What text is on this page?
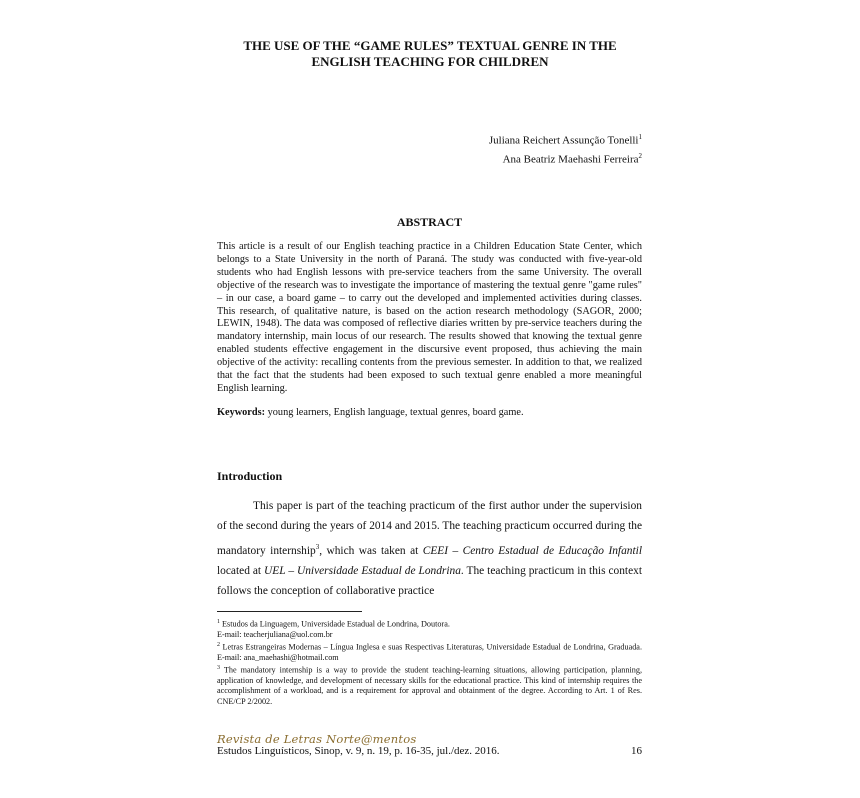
THE USE OF THE “GAME RULES” TEXTUAL GENRE IN THE
ENGLISH TEACHING FOR CHILDREN
Juliana Reichert Assunção Tonelli$^1$
Ana Beatriz Maehashi Ferreira$^2$
ABSTRACT
This article is a result of our English teaching practice in a Children Education State Center, which belongs to a State University in the north of Paraná. The study was conducted with five-year-old students who had English lessons with pre-service teachers from the same University. The overall objective of the research was to investigate the importance of mastering the textual genre "game rules" – in our case, a board game – to carry out the developed and implemented activities during classes. This research, of qualitative nature, is based on the action research methodology (SAGOR, 2000; LEWIN, 1948). The data was composed of reflective diaries written by pre-service teachers during the mandatory internship, main locus of our research. The results showed that knowing the textual genre enabled students effective engagement in the discursive event proposed, thus achieving the main objective of the activity: recalling contents from the previous semester. In addition to that, we realized that the fact that the students had been exposed to such textual genre enabled a more meaningful English learning.
Keywords: young learners, English language, textual genres, board game.
Introduction
This paper is part of the teaching practicum of the first author under the supervision of the second during the years of 2014 and 2015. The teaching practicum occurred during the mandatory internship$^3$, which was taken at CEEI – Centro Estadual de Educação Infantil located at UEL – Universidade Estadual de Londrina. The teaching practicum in this context follows the conception of collaborative practice

$^1$ Estudos da Linguagem, Universidade Estadual de Londrina, Doutora.

E-mail: teacherjuliana@uol.com.br

$^2$ Letras Estrangeiras Modernas – Língua Inglesa e suas Respectivas Literaturas, Universidade Estadual de Londrina, Graduada. E-mail: ana_maehashi@hotmail.com

$^3$ The mandatory internship is a way to provide the student teaching-learning situations, allowing participation, planning, application of knowledge, and development of necessary skills for the educational practice. This kind of internship requires the accomplishment of a workload, and is a requirement for approval and obtainment of the degree. According to Art. 1 of Res. CNE/CP 2/2002.

Revista de Letras Norte@mentos
Estudos Linguísticos, Sinop, v. 9, n. 19, p. 16-35, jul./dez. 2016.	16
